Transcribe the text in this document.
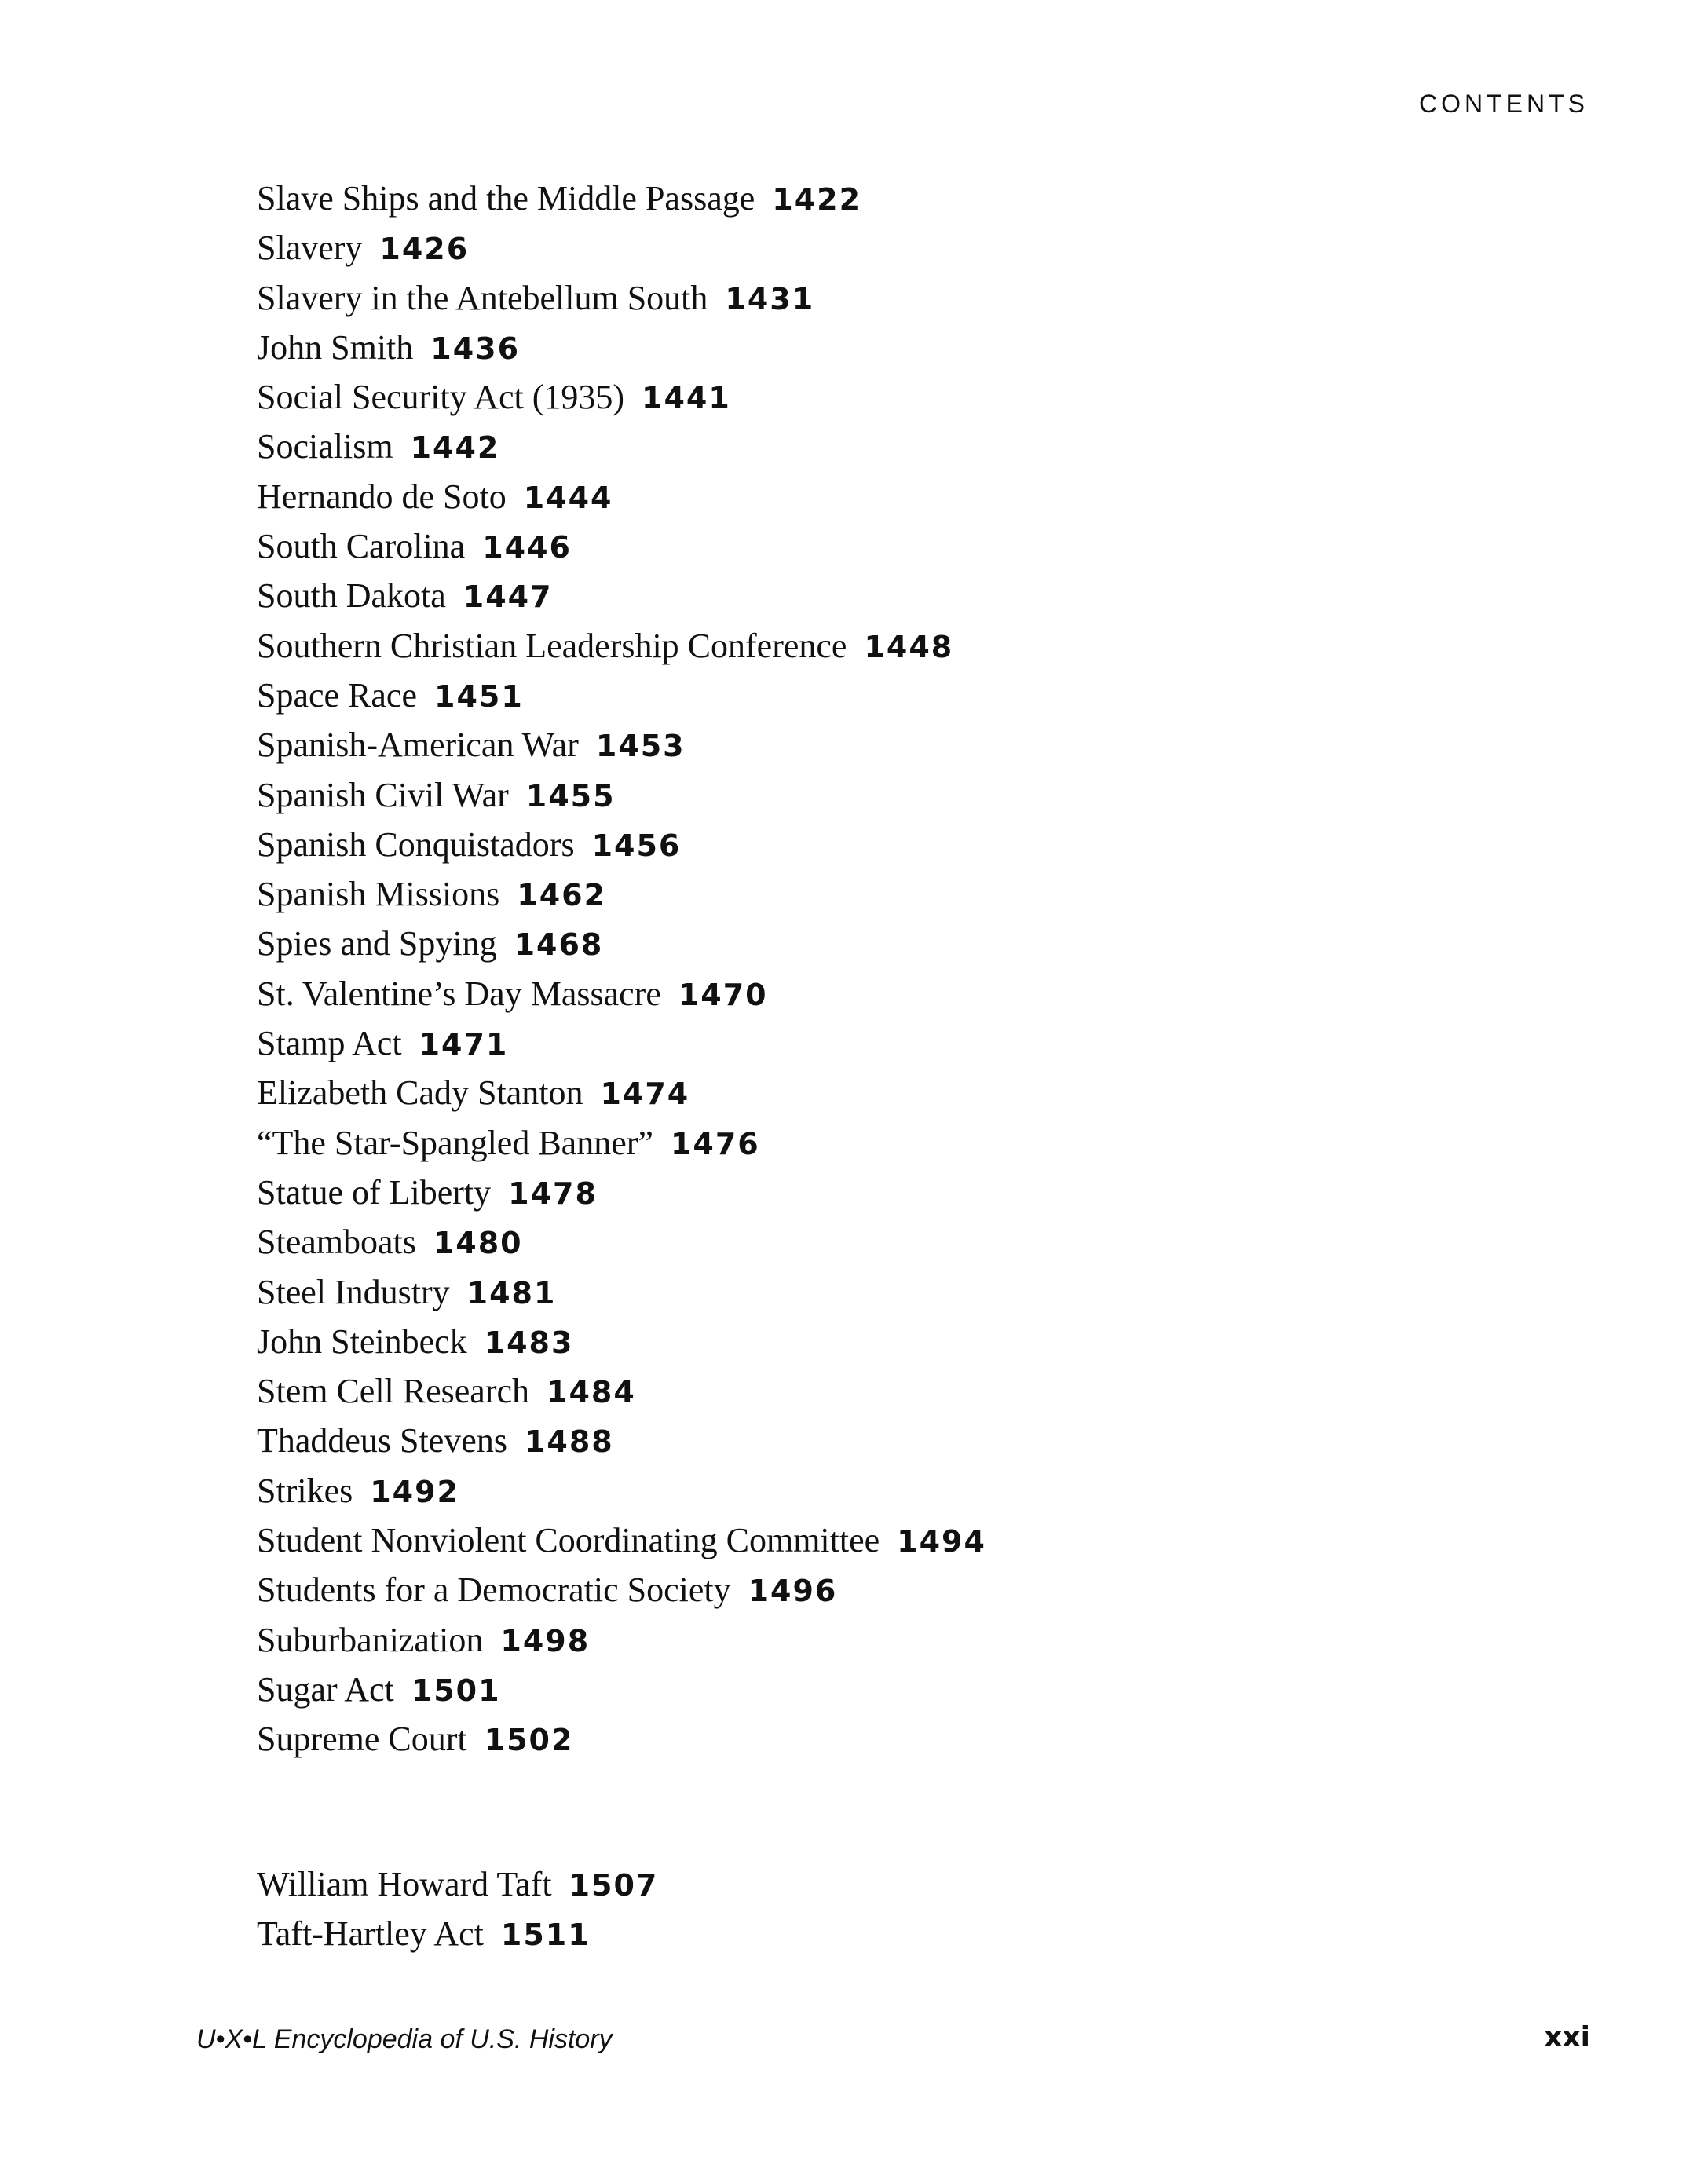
CONTENTS
Slave Ships and the Middle Passage 1422
Slavery 1426
Slavery in the Antebellum South 1431
John Smith 1436
Social Security Act (1935) 1441
Socialism 1442
Hernando de Soto 1444
South Carolina 1446
South Dakota 1447
Southern Christian Leadership Conference 1448
Space Race 1451
Spanish-American War 1453
Spanish Civil War 1455
Spanish Conquistadors 1456
Spanish Missions 1462
Spies and Spying 1468
St. Valentine’s Day Massacre 1470
Stamp Act 1471
Elizabeth Cady Stanton 1474
“The Star-Spangled Banner” 1476
Statue of Liberty 1478
Steamboats 1480
Steel Industry 1481
John Steinbeck 1483
Stem Cell Research 1484
Thaddeus Stevens 1488
Strikes 1492
Student Nonviolent Coordinating Committee 1494
Students for a Democratic Society 1496
Suburbanization 1498
Sugar Act 1501
Supreme Court 1502
William Howard Taft 1507
Taft-Hartley Act 1511
U•X•L Encyclopedia of U.S. History	xxi
